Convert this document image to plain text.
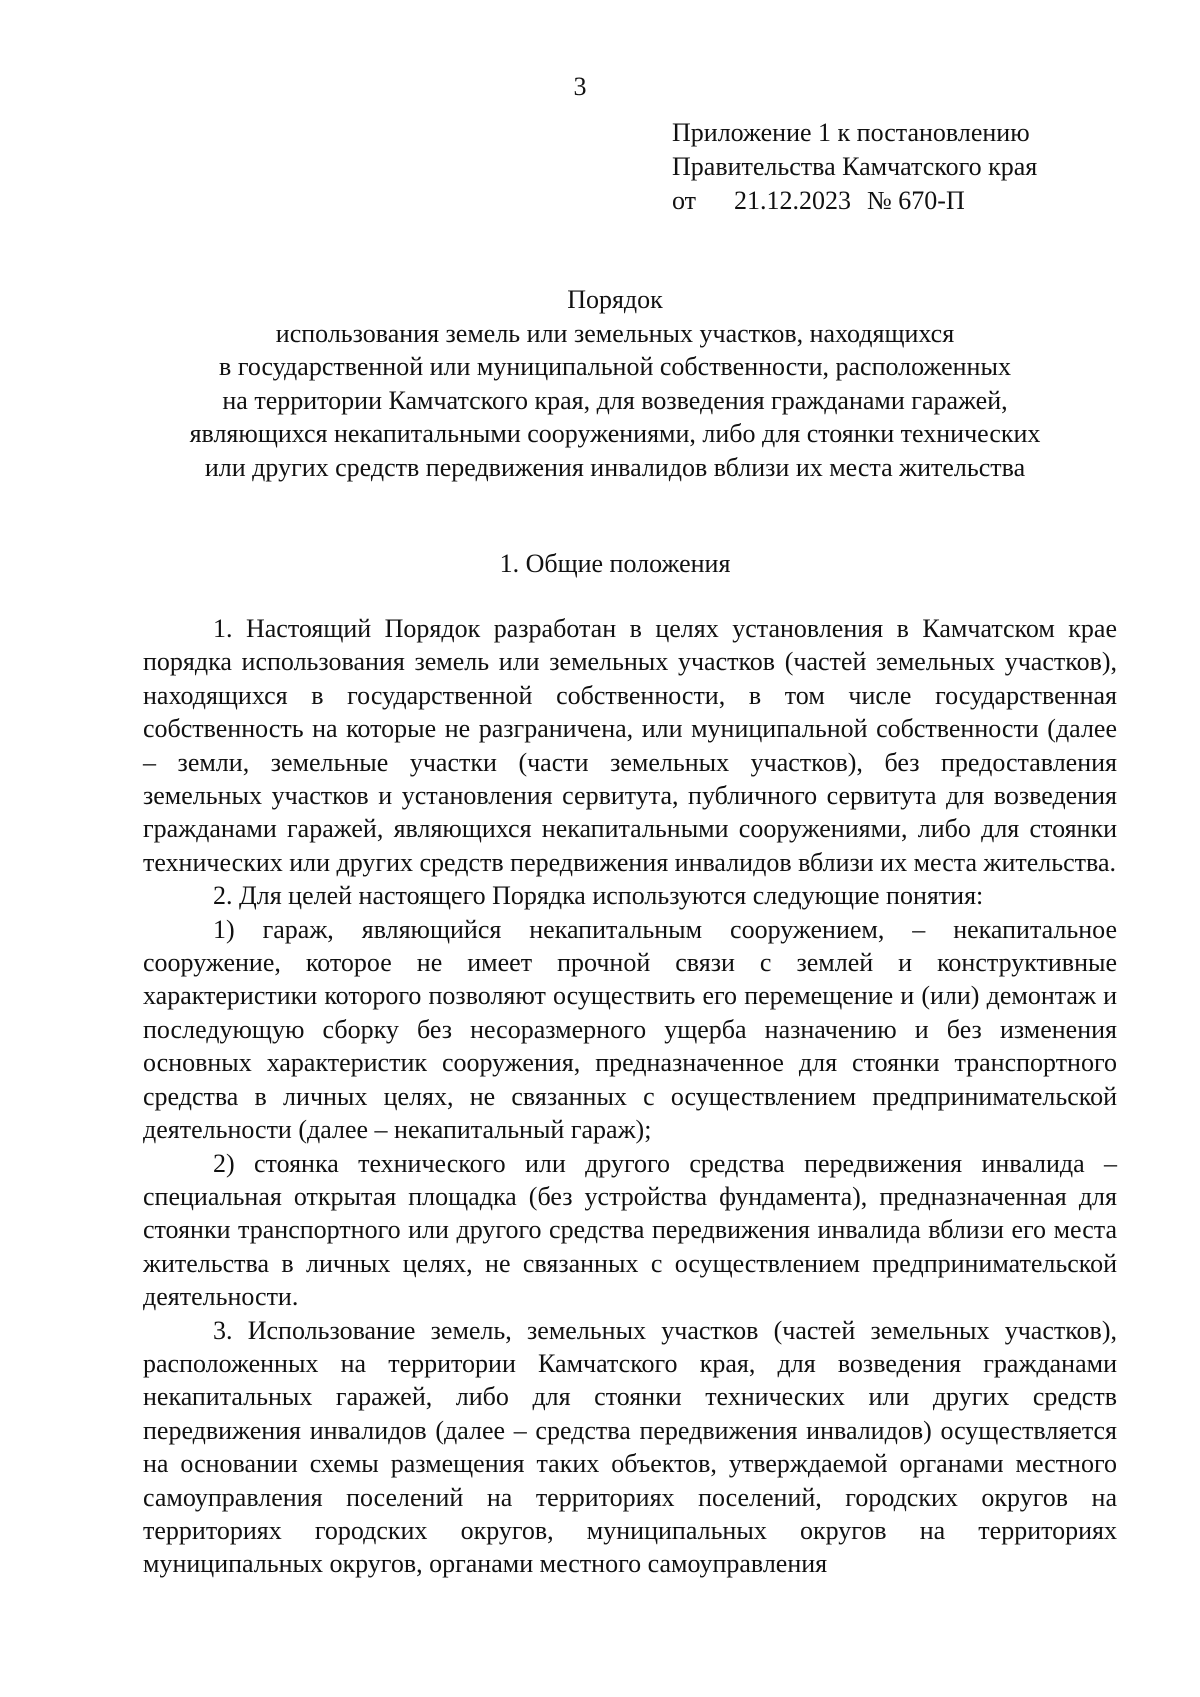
3
Приложение 1 к постановлению
Правительства Камчатского края
от 21.12.2023 № 670-П
Порядок
использования земель или земельных участков, находящихся
в государственной или муниципальной собственности, расположенных
на территории Камчатского края, для возведения гражданами гаражей,
являющихся некапитальными сооружениями, либо для стоянки технических
или других средств передвижения инвалидов вблизи их места жительства
1. Общие положения

1. Настоящий Порядок разработан в целях установления в Камчатском крае порядка использования земель или земельных участков (частей земельных участков), находящихся в государственной собственности, в том числе государственная собственность на которые не разграничена, или муниципальной собственности (далее – земли, земельные участки (части земельных участков), без предоставления земельных участков и установления сервитута, публичного сервитута для возведения гражданами гаражей, являющихся некапитальными сооружениями, либо для стоянки технических или других средств передвижения инвалидов вблизи их места жительства.

2. Для целей настоящего Порядка используются следующие понятия:

1) гараж, являющийся некапитальным сооружением, – некапитальное сооружение, которое не имеет прочной связи с землей и конструктивные характеристики которого позволяют осуществить его перемещение и (или) демонтаж и последующую сборку без несоразмерного ущерба назначению и без изменения основных характеристик сооружения, предназначенное для стоянки транспортного средства в личных целях, не связанных с осуществлением предпринимательской деятельности (далее – некапитальный гараж);

2) стоянка технического или другого средства передвижения инвалида – специальная открытая площадка (без устройства фундамента), предназначенная для стоянки транспортного или другого средства передвижения инвалида вблизи его места жительства в личных целях, не связанных с осуществлением предпринимательской деятельности.

3. Использование земель, земельных участков (частей земельных участков), расположенных на территории Камчатского края, для возведения гражданами некапитальных гаражей, либо для стоянки технических или других средств передвижения инвалидов (далее – средства передвижения инвалидов) осуществляется на основании схемы размещения таких объектов, утверждаемой органами местного самоуправления поселений на территориях поселений, городских округов на территориях городских округов, муниципальных округов на территориях муниципальных округов, органами местного самоуправления
